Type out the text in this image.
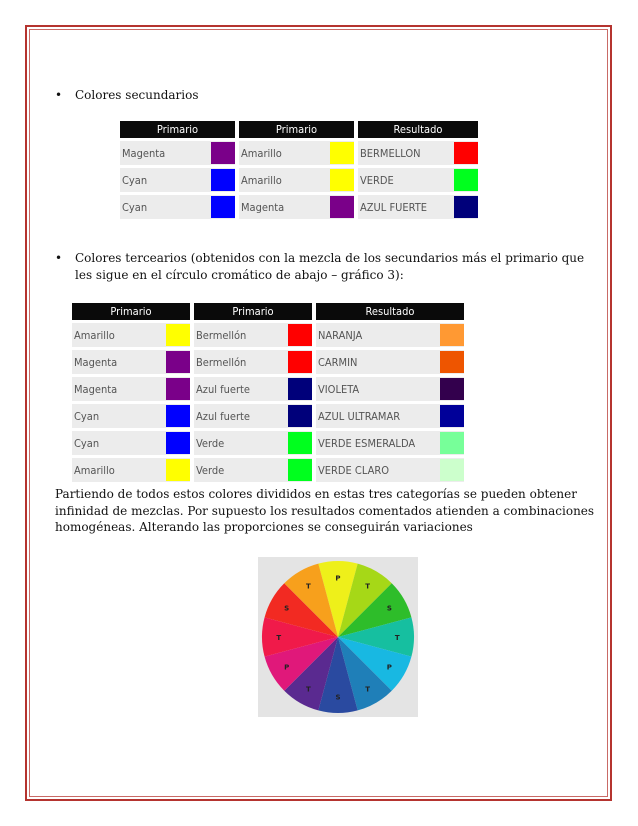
• Colores secundarios
Primario			Primario			Resultado	

Magenta			Amarillo			BERMELLON	

Cyan			Amarillo			VERDE	

Cyan			Magenta			AZUL FUERTE	
• Colores tercearios (obtenidos con la mezcla de los secundarios más el primario que
les sigue en el círculo cromático de abajo – gráfico 3):
Primario			Primario			Resultado	

Amarillo			Bermellón			NARANJA	

Magenta			Bermellón			CARMIN	

Magenta			Azul fuerte			VIOLETA	

Cyan			Azul fuerte			AZUL ULTRAMAR	

Cyan			Verde			VERDE ESMERALDA	

Amarillo			Verde			VERDE CLARO	
Partiendo de todos estos colores divididos en estas tres categorías se pueden obtener
infinidad de mezclas. Por supuesto los resultados comentados atienden a combinaciones
homogéneas. Alterando las proporciones se conseguirán variaciones
P
T
S
T
P
T
S
T
P
T
S
T
